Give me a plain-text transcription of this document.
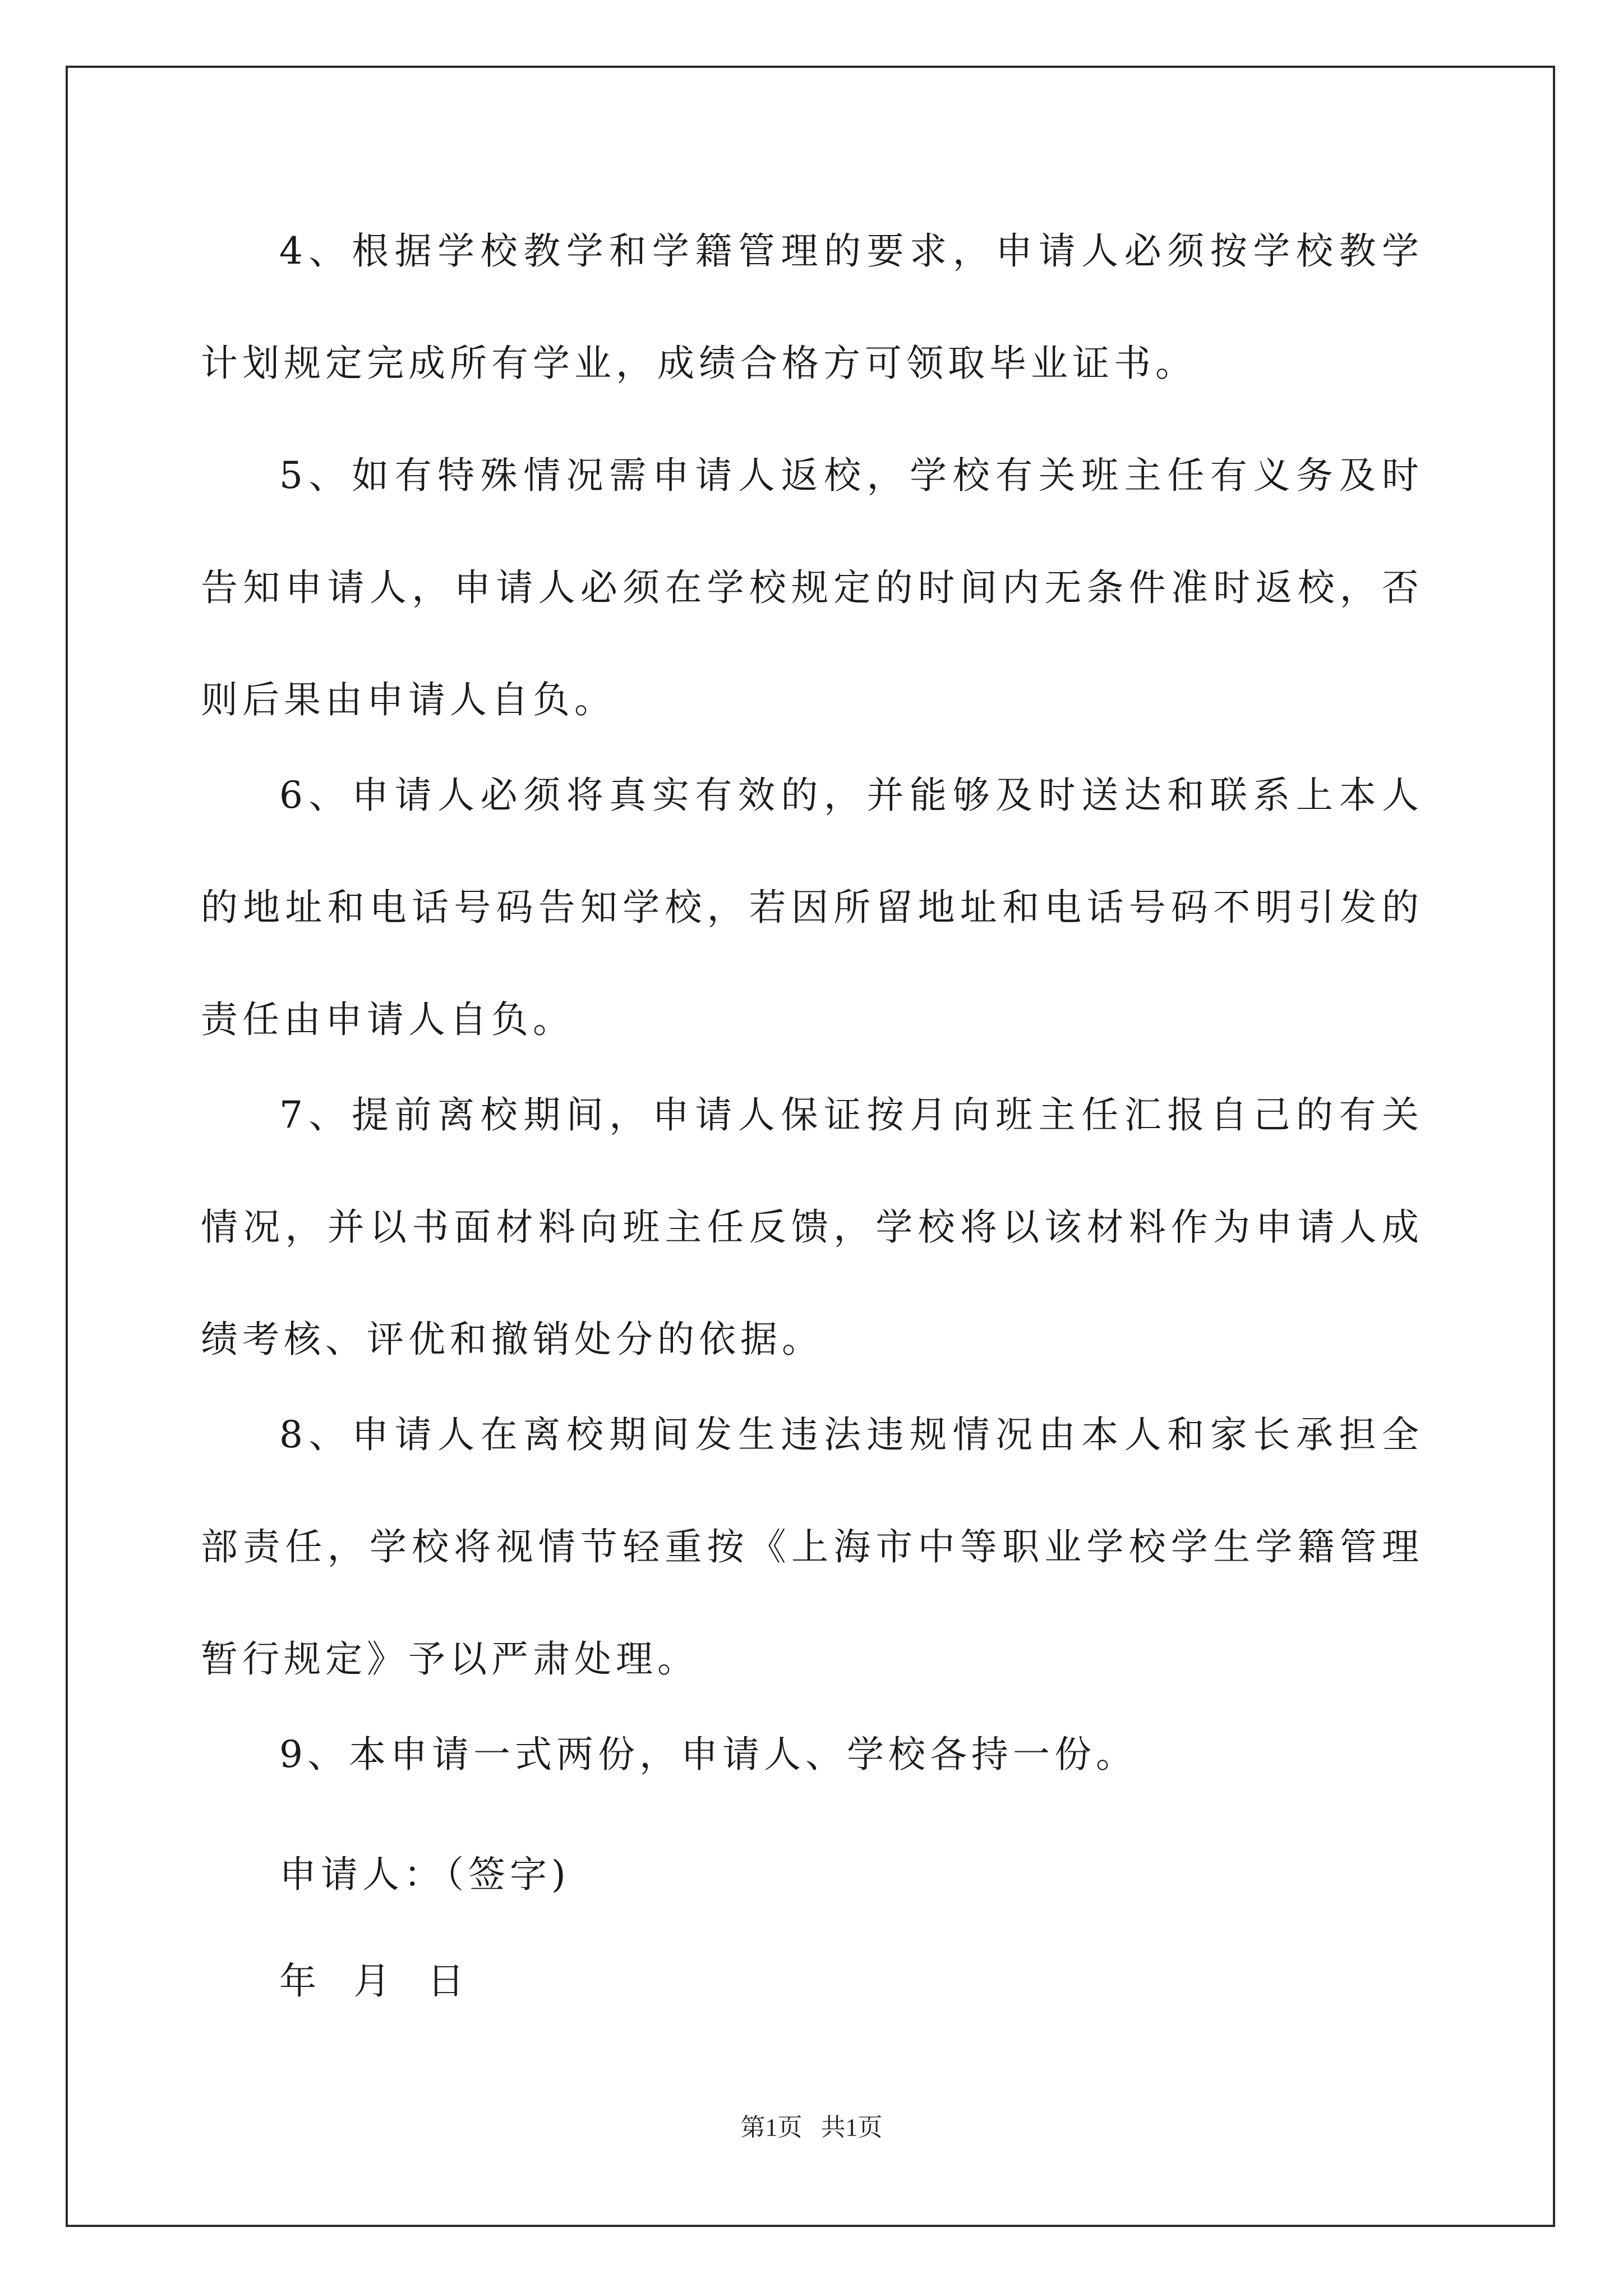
4、根据学校教学和学籍管理的要求，申请人必须按学校教学计划规定完成所有学业，成绩合格方可领取毕业证书。

5、如有特殊情况需申请人返校，学校有关班主任有义务及时告知申请人，申请人必须在学校规定的时间内无条件准时返校，否则后果由申请人自负。

6、申请人必须将真实有效的，并能够及时送达和联系上本人的地址和电话号码告知学校，若因所留地址和电话号码不明引发的责任由申请人自负。

7、提前离校期间，申请人保证按月向班主任汇报自己的有关情况，并以书面材料向班主任反馈，学校将以该材料作为申请人成绩考核、评优和撤销处分的依据。

8、申请人在离校期间发生违法违规情况由本人和家长承担全部责任，学校将视情节轻重按《上海市中等职业学校学生学籍管理暂行规定》予以严肃处理。

9、本申请一式两份，申请人、学校各持一份。

申请人：（签字)

年  月  日

第1页   共1页
